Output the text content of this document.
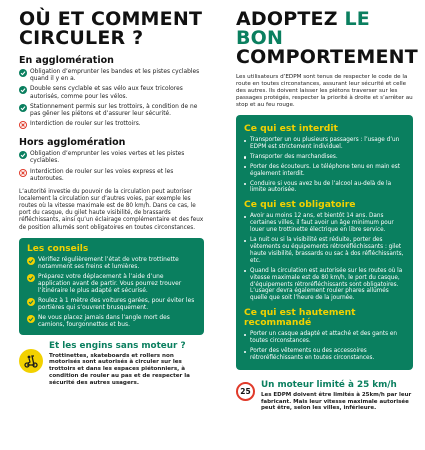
OÙ ET COMMENT
CIRCULER ?
En agglomération
Obligation d’emprunter les bandes et les pistes cyclables quand il y en a.
Double sens cyclable et sas vélo aux feux tricolores autorisés, comme pour les vélos.
Stationnement permis sur les trottoirs, à condition de ne pas gêner les piétons et d’assurer leur sécurité.
Interdiction de rouler sur les trottoirs.
Hors agglomération
Obligation d’emprunter les voies vertes et les pistes cyclables.
Interdiction de rouler sur les voies express et les autoroutes.
L’autorité investie du pouvoir de la circulation peut autoriser localement la circulation sur d’autres voies, par exemple les routes où la vitesse maximale est de 80 km/h. Dans ce cas, le port du casque, du gilet haute visibilité, de brassards réfléchissants, ainsi qu’un éclairage complémentaire et des feux de position allumés sont obligatoires en toutes circonstances.
Les conseils
Vérifiez régulièrement l’état de votre trottinette notamment ses freins et lumières.
Préparez votre déplacement à l’aide d’une application avant de partir. Vous pourrez trouver l’itinéraire le plus adapté et sécurisé.
Roulez à 1 mètre des voitures garées, pour éviter les portières qui s’ouvrent brusquement.
Ne vous placez jamais dans l’angle mort des camions, fourgonnettes et bus.
Et les engins sans moteur ?
Trottinettes, skateboards et rollers non motorisés sont autorisés à circuler sur les trottoirs et dans les espaces piétonniers, à condition de rouler au pas et de respecter la sécurité des autres usagers.
ADOPTEZ LE BON
COMPORTEMENT
Les utilisateurs d’EDPM sont tenus de respecter le code de la route en toutes circonstances, assurant leur sécurité et celle des autres. Ils doivent laisser les piétons traverser sur les passages protégés, respecter la priorité à droite et s’arrêter au stop et au feu rouge.
Ce qui est interdit
Transporter un ou plusieurs passagers : l’usage d’un EDPM est strictement individuel.
Transporter des marchandises.
Porter des écouteurs. Le téléphone tenu en main est également interdit.
Conduire si vous avez bu de l’alcool au-delà de la limite autorisée.
Ce qui est obligatoire
Avoir au moins 12 ans, et bientôt 14 ans. Dans certaines villes, il faut avoir un âge minimum pour louer une trottinette électrique en libre service.
La nuit ou si la visibilité est réduite, porter des vêtements ou équipements rétroréfléchissants : gilet haute visibilité, brassards ou sac à dos réfléchissants, etc.
Quand la circulation est autorisée sur les routes où la vitesse maximale est de 80 km/h, le port du casque, d’équipements rétroréfléchissants sont obligatoires. L’usager devra également rouler phares allumés quelle que soit l’heure de la journée.
Ce qui est hautement recommandé
Porter un casque adapté et attaché et des gants en toutes circonstances.
Porter des vêtements ou des accessoires rétroréfléchissants en toutes circonstances.
25
Un moteur limité à 25 km/h
Les EDPM doivent être limités à 25km/h par leur fabricant. Mais leur vitesse maximale autorisée peut être, selon les villes, inférieure.
